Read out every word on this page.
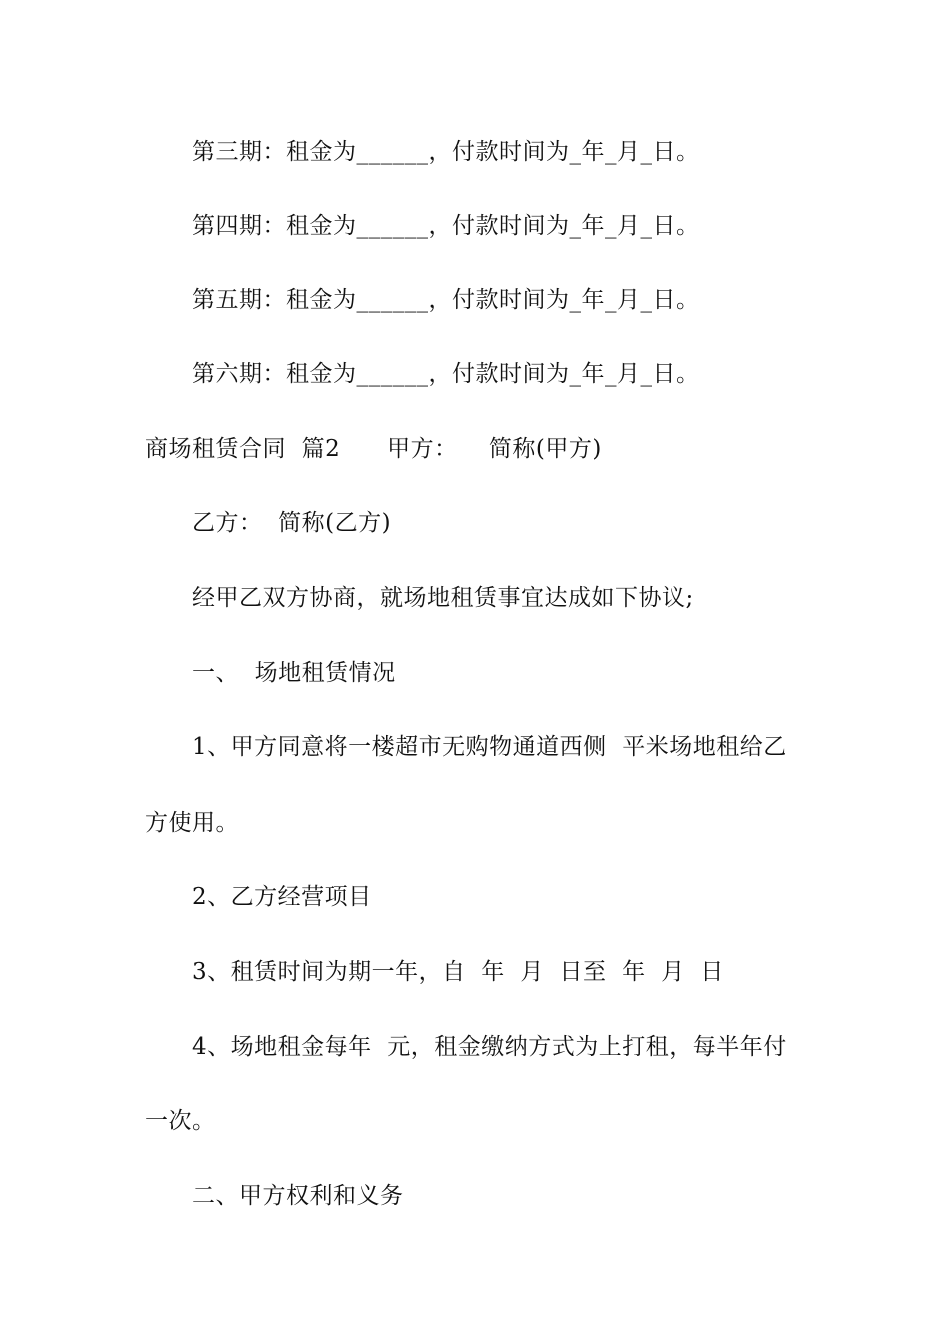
第三期：租金为______，付款时间为_年_月_日。
第四期：租金为______，付款时间为_年_月_日。
第五期：租金为______，付款时间为_年_月_日。
第六期：租金为______，付款时间为_年_月_日。
商场租赁合同  篇2      甲方：    简称(甲方)
乙方：  简称(乙方)
经甲乙双方协商，就场地租赁事宜达成如下协议;
一、  场地租赁情况
1、甲方同意将一楼超市无购物通道西侧  平米场地租给乙
方使用。
2、乙方经营项目
3、租赁时间为期一年，自  年  月  日至  年  月  日
4、场地租金每年  元，租金缴纳方式为上打租，每半年付
一次。
二、甲方权利和义务
